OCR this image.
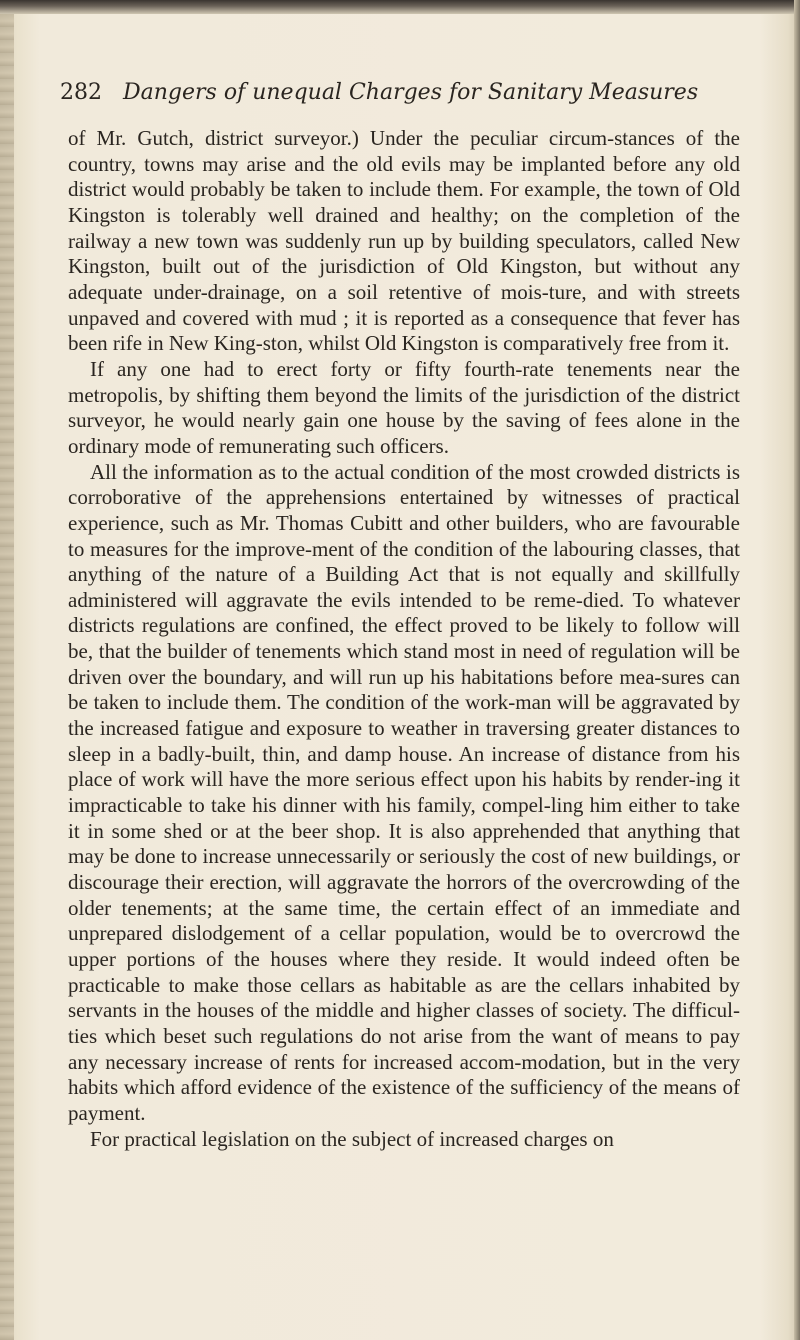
282 Dangers of unequal Charges for Sanitary Measures

of Mr. Gutch, district surveyor.) Under the peculiar circum-stances of the country, towns may arise and the old evils may be implanted before any old district would probably be taken to include them. For example, the town of Old Kingston is tolerably well drained and healthy; on the completion of the railway a new town was suddenly run up by building speculators, called New Kingston, built out of the jurisdiction of Old Kingston, but without any adequate under-drainage, on a soil retentive of mois-ture, and with streets unpaved and covered with mud ; it is reported as a consequence that fever has been rife in New King-ston, whilst Old Kingston is comparatively free from it.

If any one had to erect forty or fifty fourth-rate tenements near the metropolis, by shifting them beyond the limits of the jurisdiction of the district surveyor, he would nearly gain one house by the saving of fees alone in the ordinary mode of remunerating such officers.

All the information as to the actual condition of the most crowded districts is corroborative of the apprehensions entertained by witnesses of practical experience, such as Mr. Thomas Cubitt and other builders, who are favourable to measures for the improve-ment of the condition of the labouring classes, that anything of the nature of a Building Act that is not equally and skillfully administered will aggravate the evils intended to be reme-died. To whatever districts regulations are confined, the effect proved to be likely to follow will be, that the builder of tenements which stand most in need of regulation will be driven over the boundary, and will run up his habitations before mea-sures can be taken to include them. The condition of the work-man will be aggravated by the increased fatigue and exposure to weather in traversing greater distances to sleep in a badly-built, thin, and damp house. An increase of distance from his place of work will have the more serious effect upon his habits by render-ing it impracticable to take his dinner with his family, compel-ling him either to take it in some shed or at the beer shop. It is also apprehended that anything that may be done to increase unnecessarily or seriously the cost of new buildings, or discourage their erection, will aggravate the horrors of the overcrowding of the older tenements; at the same time, the certain effect of an immediate and unprepared dislodgement of a cellar population, would be to overcrowd the upper portions of the houses where they reside. It would indeed often be practicable to make those cellars as habitable as are the cellars inhabited by servants in the houses of the middle and higher classes of society. The difficul-ties which beset such regulations do not arise from the want of means to pay any necessary increase of rents for increased accom-modation, but in the very habits which afford evidence of the existence of the sufficiency of the means of payment.

For practical legislation on the subject of increased charges on
